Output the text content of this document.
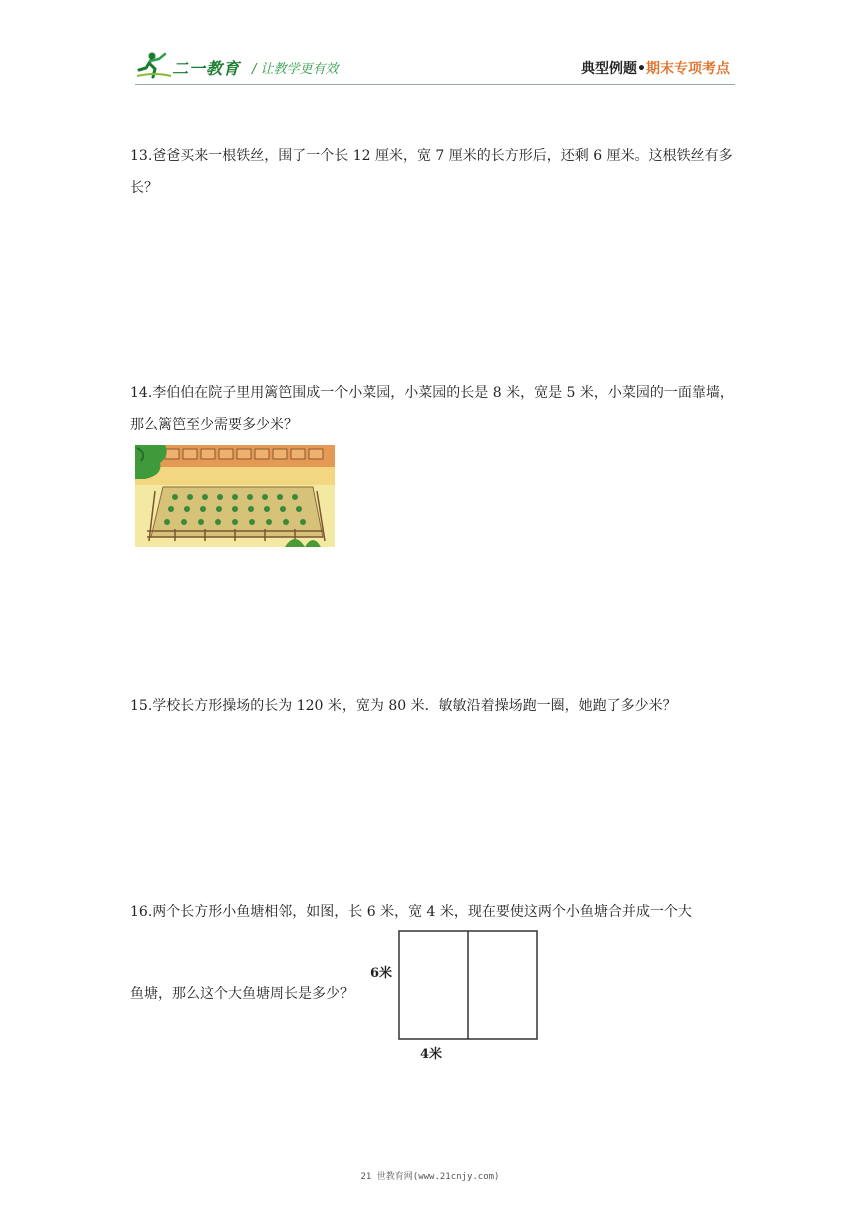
二一教育 / 让教学更有效	典型例题•期末专项考点

13.爸爸买来一根铁丝，围了一个长 12 厘米，宽 7 厘米的长方形后，还剩 6 厘米。这根铁丝有多长？

14.李伯伯在院子里用篱笆围成一个小菜园，小菜园的长是 8 米，宽是 5 米，小菜园的一面靠墙，那么篱笆至少需要多少米？

15.学校长方形操场的长为 120 米，宽为 80 米．敏敏沿着操场跑一圈，她跑了多少米？

16.两个长方形小鱼塘相邻，如图，长 6 米，宽 4 米，现在要使这两个小鱼塘合并成一个大

鱼塘，那么这个大鱼塘周长是多少？

6米
4米
21 世教育网(www.21cnjy.com)
